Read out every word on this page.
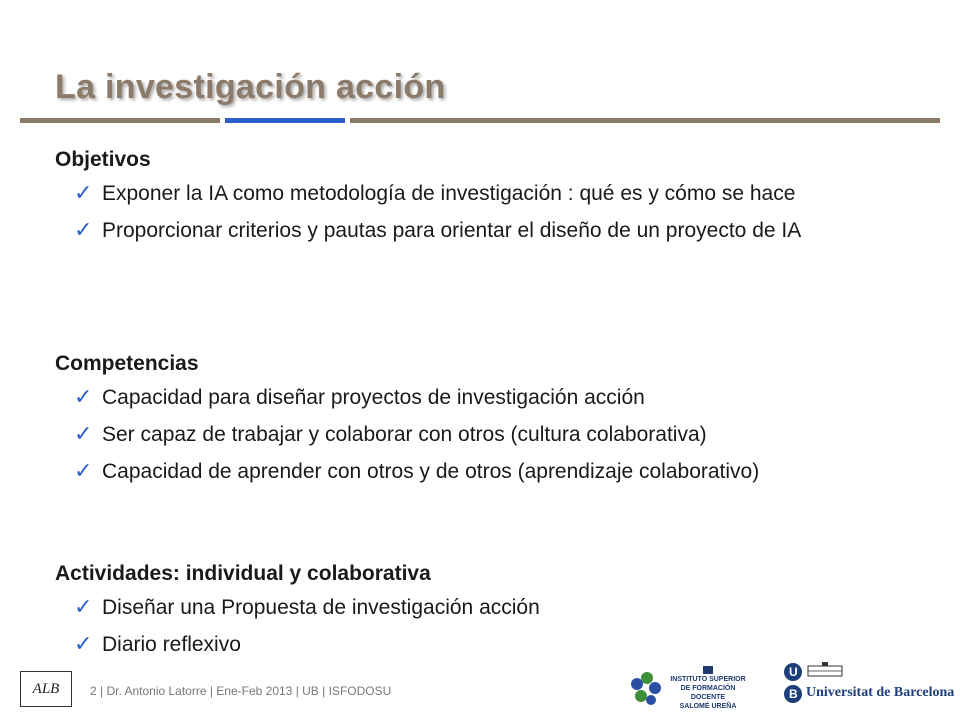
La investigación acción
Objetivos
✓ Exponer la IA como metodología de investigación : qué es y cómo se hace
✓ Proporcionar criterios y pautas para orientar el diseño de un proyecto de IA
Competencias
✓ Capacidad para diseñar proyectos de investigación acción
✓ Ser capaz de trabajar y colaborar con otros (cultura colaborativa)
✓ Capacidad de aprender con otros y de otros (aprendizaje colaborativo)
Actividades: individual y colaborativa
✓ Diseñar una Propuesta de investigación acción
✓ Diario reflexivo
ALB	2 | Dr. Antonio Latorre | Ene-Feb 2013 | UB | ISFODOSU
INSTITUTO SUPERIOR
DE FORMACIÓN DOCENTE
SALOMÉ UREÑA
U
B Universitat de Barcelona
